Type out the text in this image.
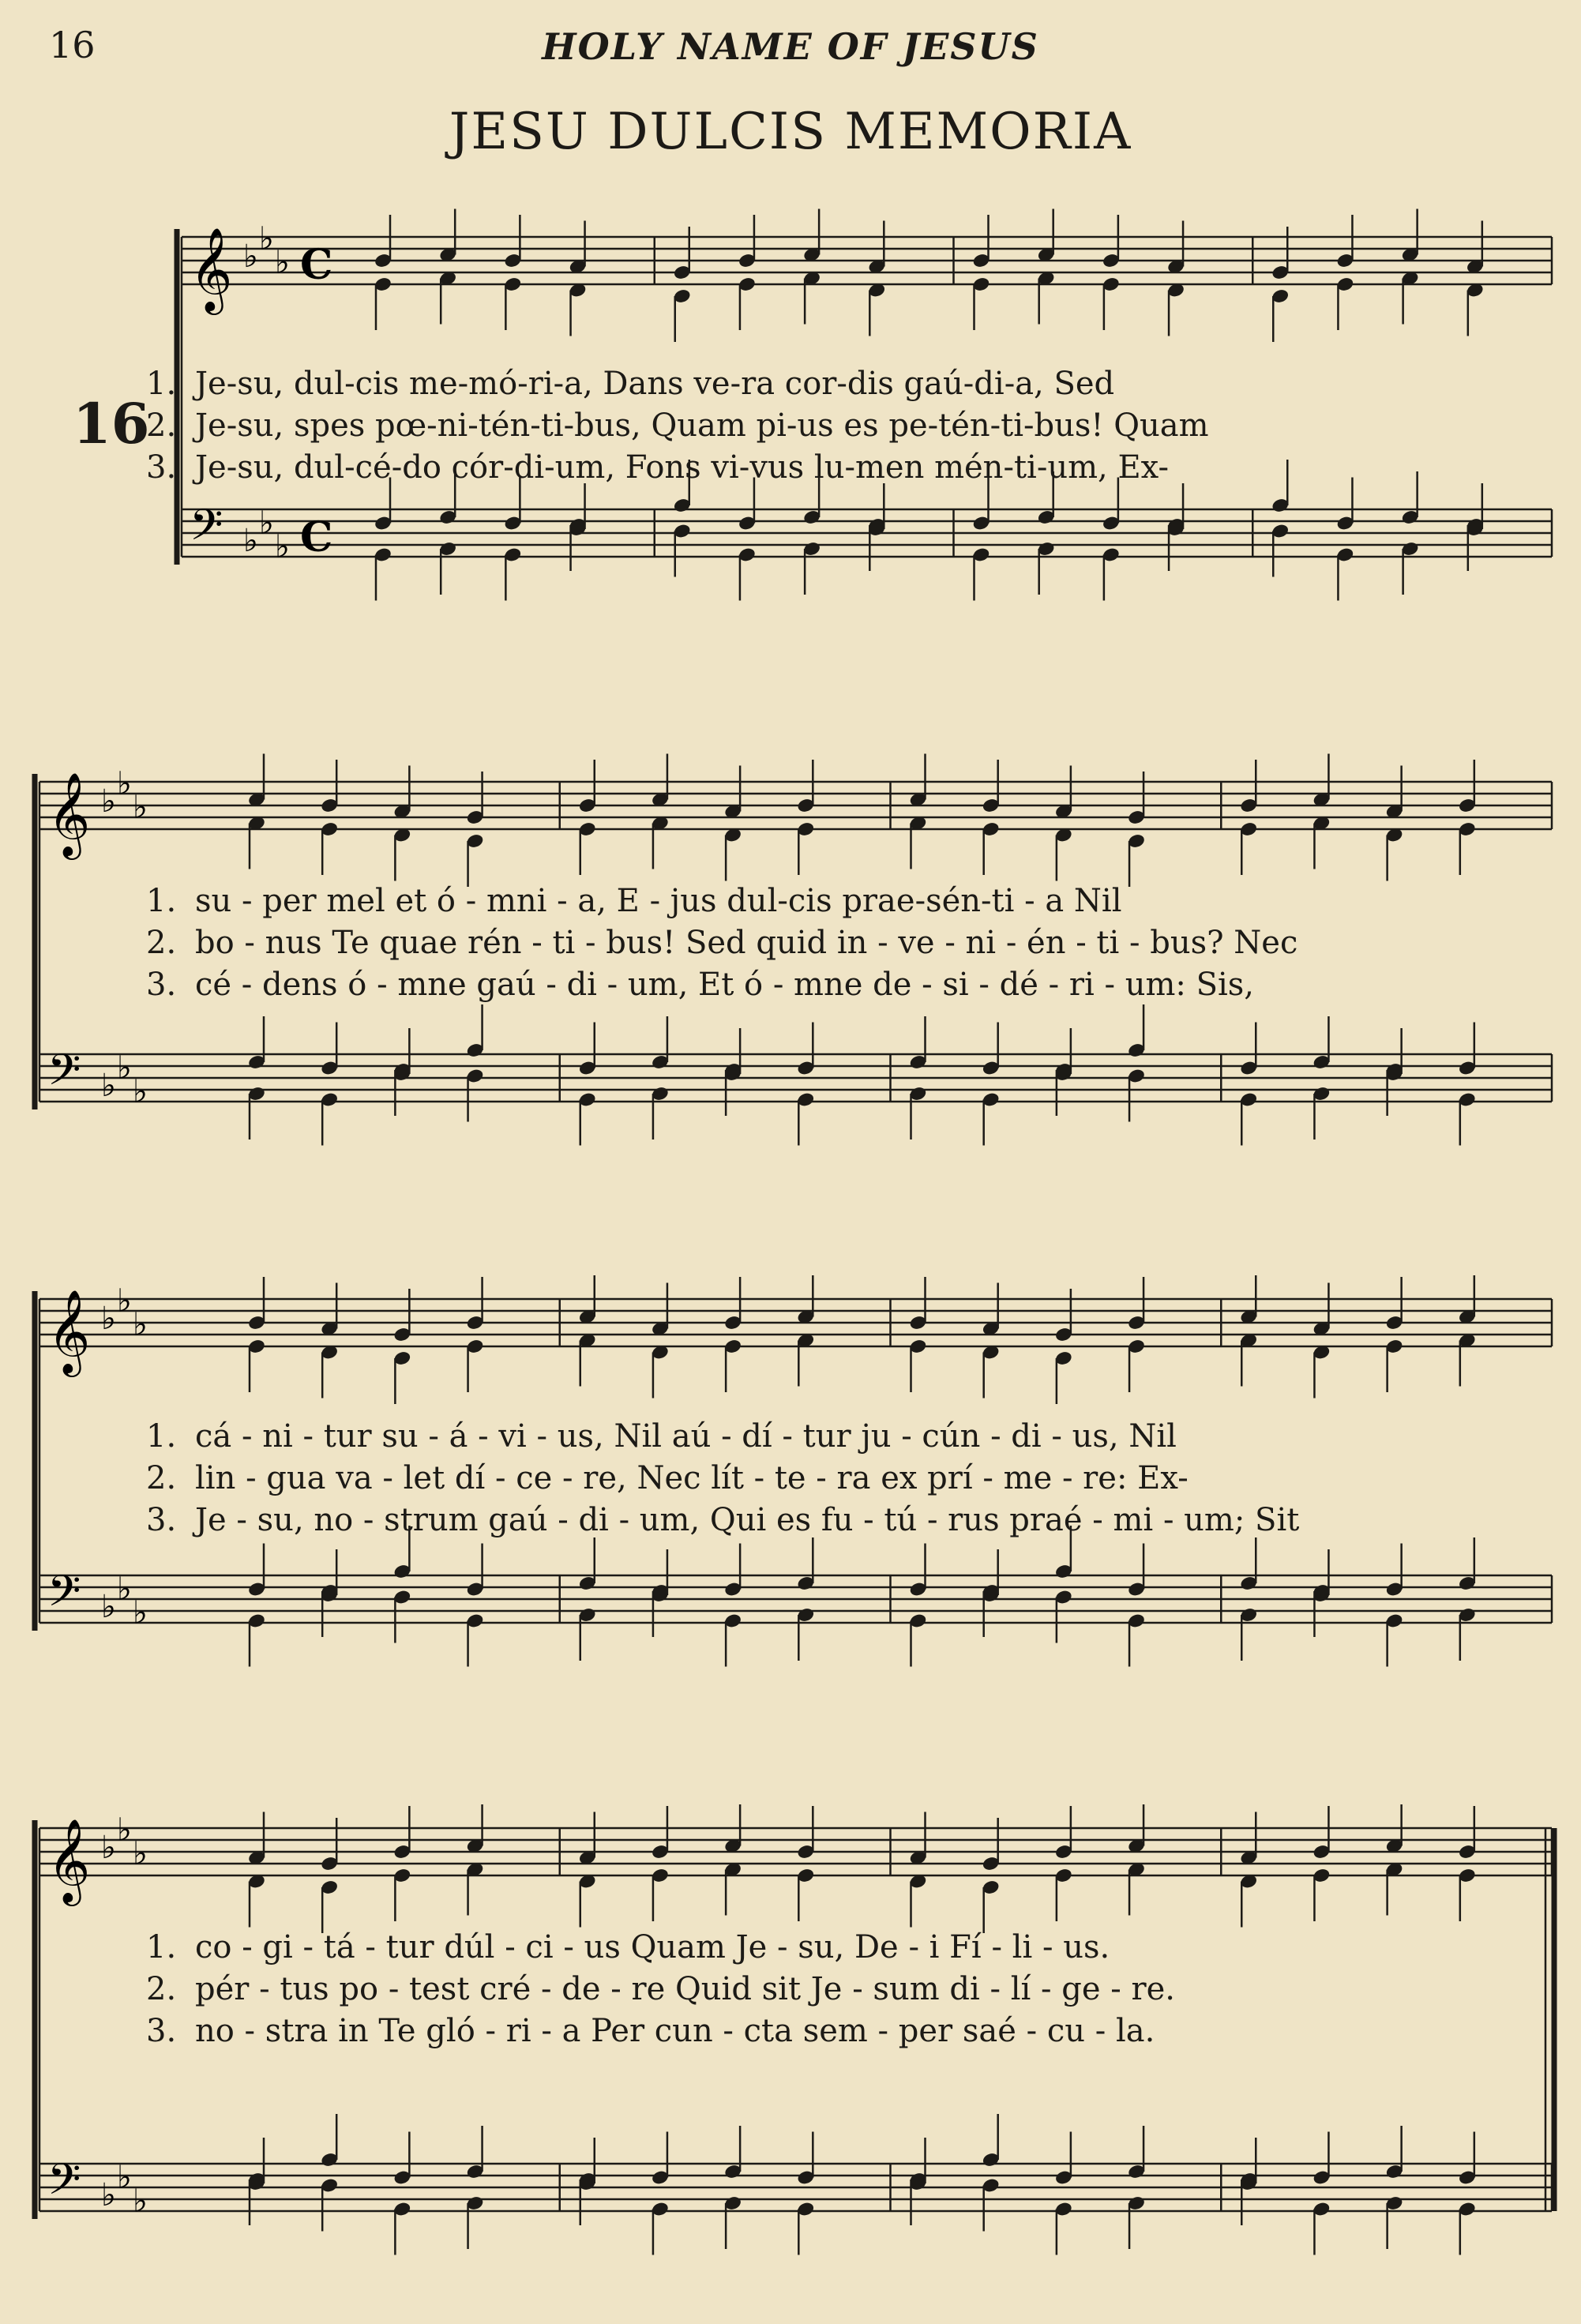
16	HOLY NAME OF JESUS
JESU DULCIS MEMORIA
16
𝄞
𝄢
♭ ♭
♭
♭ ♭
♭
C
C
1. Je-su, dul-cis me-mó-ri-a, Dans ve-ra cor-dis gaú-di-a, Sed
2. Je-su, spes pœ-ni-tén-ti-bus, Quam pi-us es pe-tén-ti-bus! Quam
3. Je-su, dul-cé-do cór-di-um, Fons vi-vus lu-men mén-ti-um, Ex-
𝄞
𝄢
♭ ♭
♭
♭ ♭
♭
1. su - per mel et ó - mni - a, E - jus dul-cis prae-sén-ti - a Nil
2. bo - nus Te quae rén - ti - bus! Sed quid in - ve - ni - én - ti - bus? Nec
3. cé - dens ó - mne gaú - di - um, Et ó - mne de - si - dé - ri - um: Sis,
𝄞
𝄢
♭ ♭
♭
♭ ♭
♭
1. cá - ni - tur su - á - vi - us, Nil aú - dí - tur ju - cún - di - us, Nil
2. lin - gua va - let dí - ce - re, Nec lít - te - ra ex prí - me - re: Ex-
3. Je - su, no - strum gaú - di - um, Qui es fu - tú - rus praé - mi - um; Sit
𝄞
𝄢
♭ ♭
♭
♭ ♭
♭
1. co - gi - tá - tur dúl - ci - us Quam Je - su, De - i Fí - li - us.
2. pér - tus po - test cré - de - re Quid sit Je - sum di - lí - ge - re.
3. no - stra in Te gló - ri - a Per cun - cta sem - per saé - cu - la.
